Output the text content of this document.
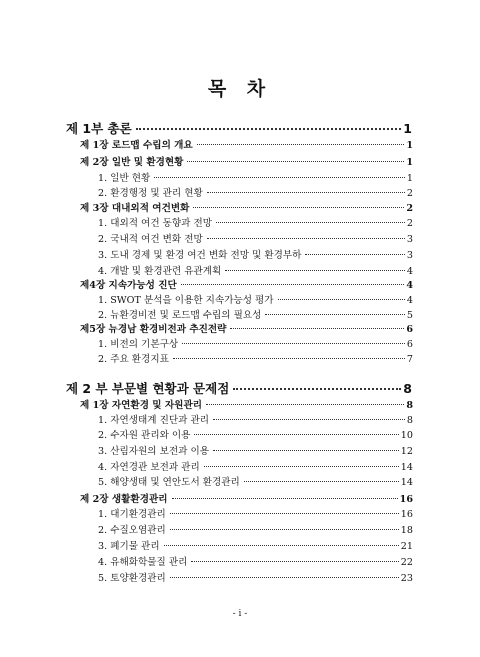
목 차
제 1부 총론	1
제 1장 로드맵 수립의 개요	1
제 2장 일반 및 환경현황	1
1. 일반 현황	1
2. 환경행정 및 관리 현황	2
제 3장 대내외적 여건변화	2
1. 대외적 여건 동향과 전망	2
2. 국내적 여건 변화 전망	3
3. 도내 경제 및 환경 여건 변화 전망 및 환경부하	3
4. 개발 및 환경관련 유관계획	4
제4장 지속가능성 진단	4
1. SWOT 분석을 이용한 지속가능성 평가	4
2. 뉴환경비전 및 로드맵 수립의 필요성	5
제5장 뉴경남 환경비전과 추진전략	6
1. 비전의 기본구상	6
2. 주요 환경지표	7
제 2 부 부문별 현황과 문제점	8
제 1장 자연환경 및 자원관리	8
1. 자연생태계 진단과 관리	8
2. 수자원 관리와 이용	10
3. 산림자원의 보전과 이용	12
4. 자연경관 보전과 관리	14
5. 해양생태 및 연안도서 환경관리	14
제 2장 생활환경관리	16
1. 대기환경관리	16
2. 수질오염관리	18
3. 폐기물 관리	21
4. 유해화학물질 관리	22
5. 토양환경관리	23
- i -
